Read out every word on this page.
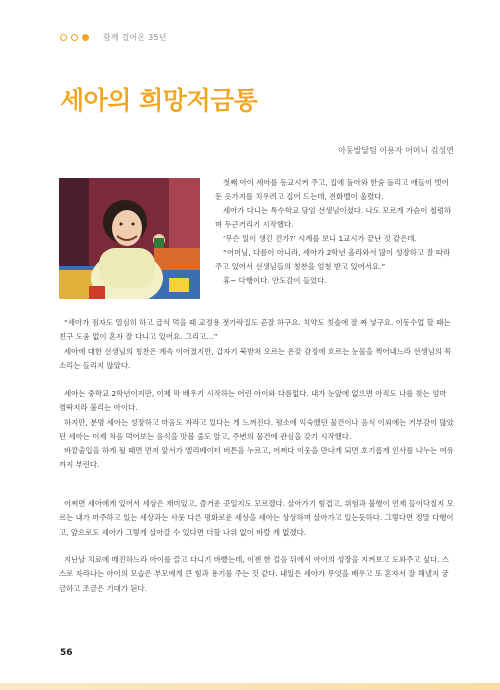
함께 걸어온 35년
세아의 희망저금통
아동발달팀 이용자 어머니 김성연

첫째 아이 세아를 등교시켜 주고, 집에 돌아와 한숨 돌리고 애들이 벗어 둔 옷가지를 치우려고 집어 드는데, 전화벨이 울렸다.

세아가 다니는 특수학교 담임 선생님이셨다. 나도 모르게 가슴이 철렁하며 두근거리기 시작했다.

‘무슨 일이 생긴 건가?’ 시계를 보니 1교시가 끝난 것 같은데.

“어머님, 다름이 아니라, 세아가 2학년 올라와서 많이 성장하고 잘 따라주고 있어서 선생님들의 칭찬을 엄청 받고 있어서요.”

휴~ 다행이다. 안도감이 들었다.

“세아가 점자도 열심히 하고 급식 먹을 때 교정용 젓가락질도 곧잘 하구요. 치약도 칫솔에 잘 짜 넣구요. 이동수업 할 때는 친구 도움 없이 혼자 잘 다니고 있어요. 그리고…”

세아에 대한 선생님의 칭찬은 계속 이어졌지만, 갑자기 북받쳐 오르는 온갖 감정에 흐르는 눈물을 찍어내느라 선생님의 목소리는 들리지 않았다.

세아는 중학교 2학년이지만, 이제 막 배우기 시작하는 어린 아이와 다름없다. 내가 눈앞에 없으면 아직도 나를 찾는 엄마 껌딱지라 불리는 아이다.

하지만, 분명 세아는 성장하고 마음도 자라고 있다는 게 느껴진다. 평소에 익숙했던 물건이나 음식 이외에는 거부감이 많았던 세아는 이제 처음 먹어보는 음식을 맛볼 줄도 알고, 주변의 물건에 관심을 갖기 시작했다.

바깥출입을 하게 될 때면 먼저 앞서가 엘리베이터 버튼을 누르고, 어쩌다 이웃을 만나게 되면 호기롭게 인사를 나누는 여유까지 부린다.

어쩌면 세아에게 있어서 세상은 재미있고, 즐거운 곳일지도 모르겠다. 살아가기 힘겹고, 위험과 불행이 언제 들이닥칠지 모르는 내가 마주하고 있는 세상과는 사뭇 다른 평화로운 세상을 세아는 상상하며 살아가고 있는듯하다. 그렇다면 정말 다행이고, 앞으로도 세아가 그렇게 살아갈 수 있다면 더할 나위 없이 바랄 게 없겠다.

지난날 치료에 매진하느라 아이를 끌고 다니기 바빴는데, 이젠 한 걸음 뒤에서 아이의 성장을 지켜보고 도와주고 싶다. 스스로 자라나는 아이의 모습은 부모에게 큰 힘과 용기를 주는 것 같다. 내일은 세아가 무엇을 배우고 또 혼자서 잘 해낼지 궁금하고 조금은 기대가 된다.

56
